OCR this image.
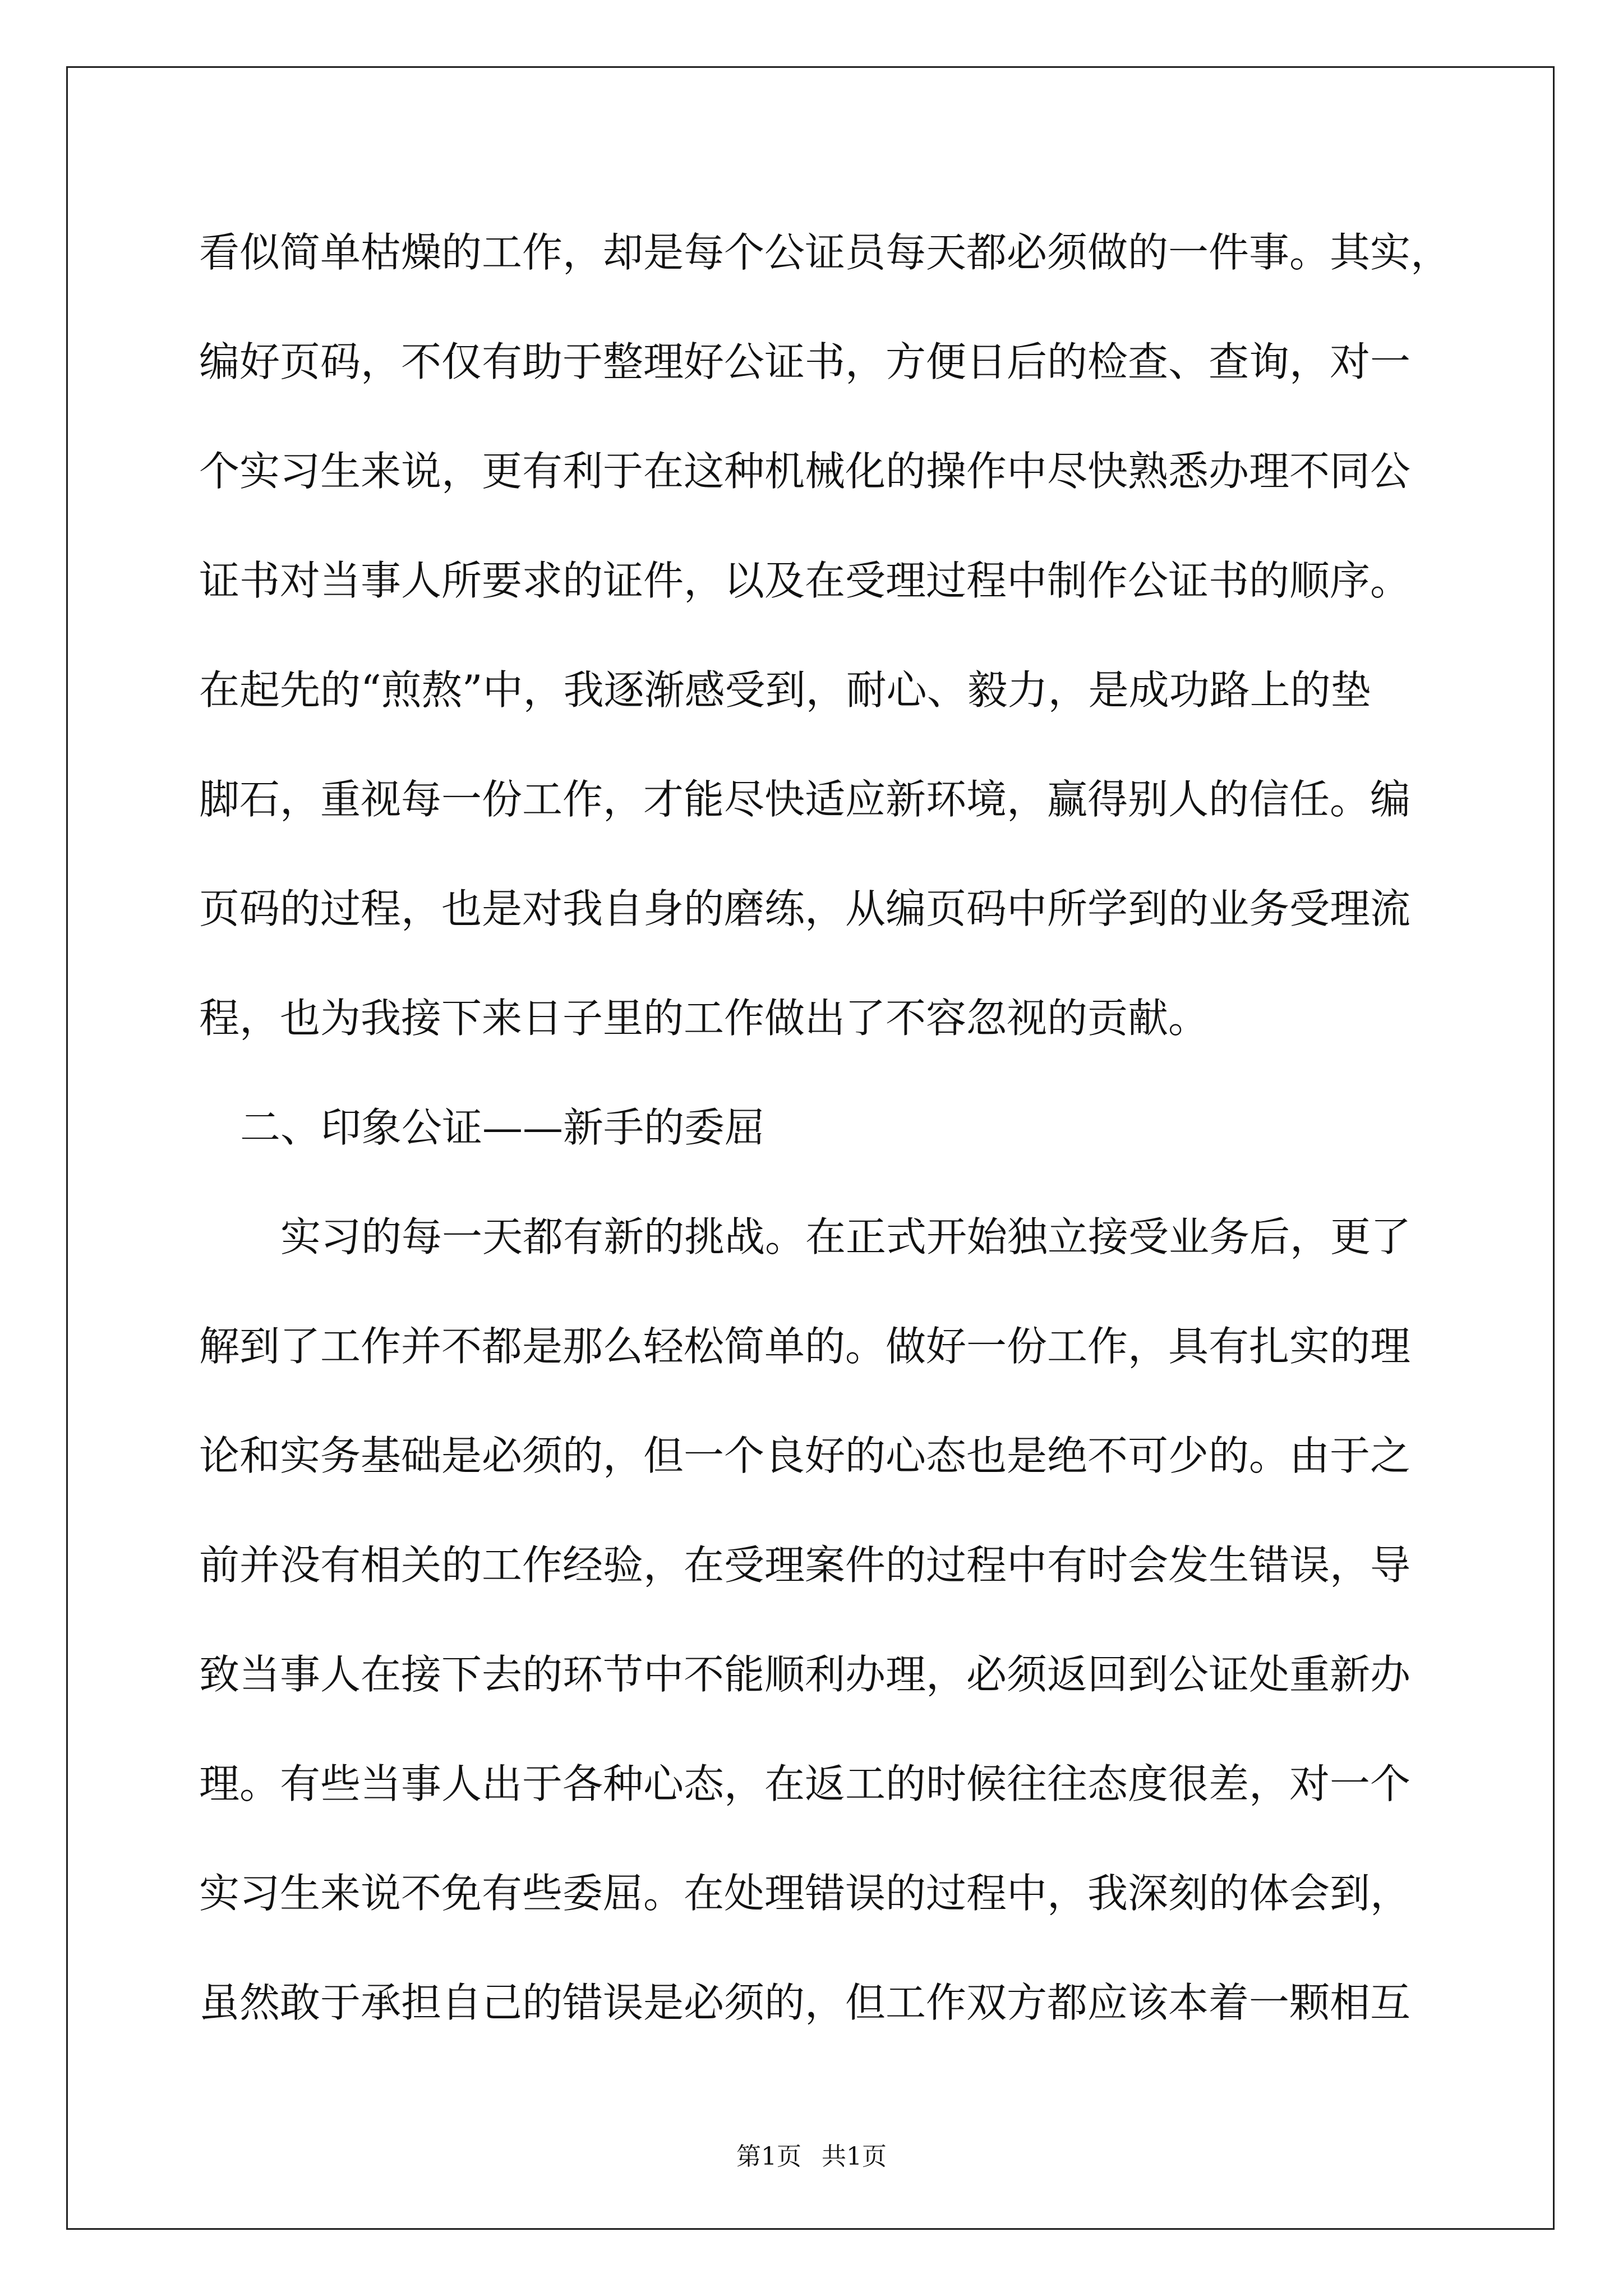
看似简单枯燥的工作，却是每个公证员每天都必须做的一件事。其实，
编好页码，不仅有助于整理好公证书，方便日后的检查、查询，对一
个实习生来说，更有利于在这种机械化的操作中尽快熟悉办理不同公
证书对当事人所要求的证件，以及在受理过程中制作公证书的顺序。
在起先的“煎熬”中，我逐渐感受到，耐心、毅力，是成功路上的垫
脚石，重视每一份工作，才能尽快适应新环境，赢得别人的信任。编
页码的过程，也是对我自身的磨练，从编页码中所学到的业务受理流
程，也为我接下来日子里的工作做出了不容忽视的贡献。
二、印象公证——新手的委屈
实习的每一天都有新的挑战。在正式开始独立接受业务后，更了
解到了工作并不都是那么轻松简单的。做好一份工作，具有扎实的理
论和实务基础是必须的，但一个良好的心态也是绝不可少的。由于之
前并没有相关的工作经验，在受理案件的过程中有时会发生错误，导
致当事人在接下去的环节中不能顺利办理，必须返回到公证处重新办
理。有些当事人出于各种心态，在返工的时候往往态度很差，对一个
实习生来说不免有些委屈。在处理错误的过程中，我深刻的体会到，
虽然敢于承担自己的错误是必须的，但工作双方都应该本着一颗相互
第1页 共1页
